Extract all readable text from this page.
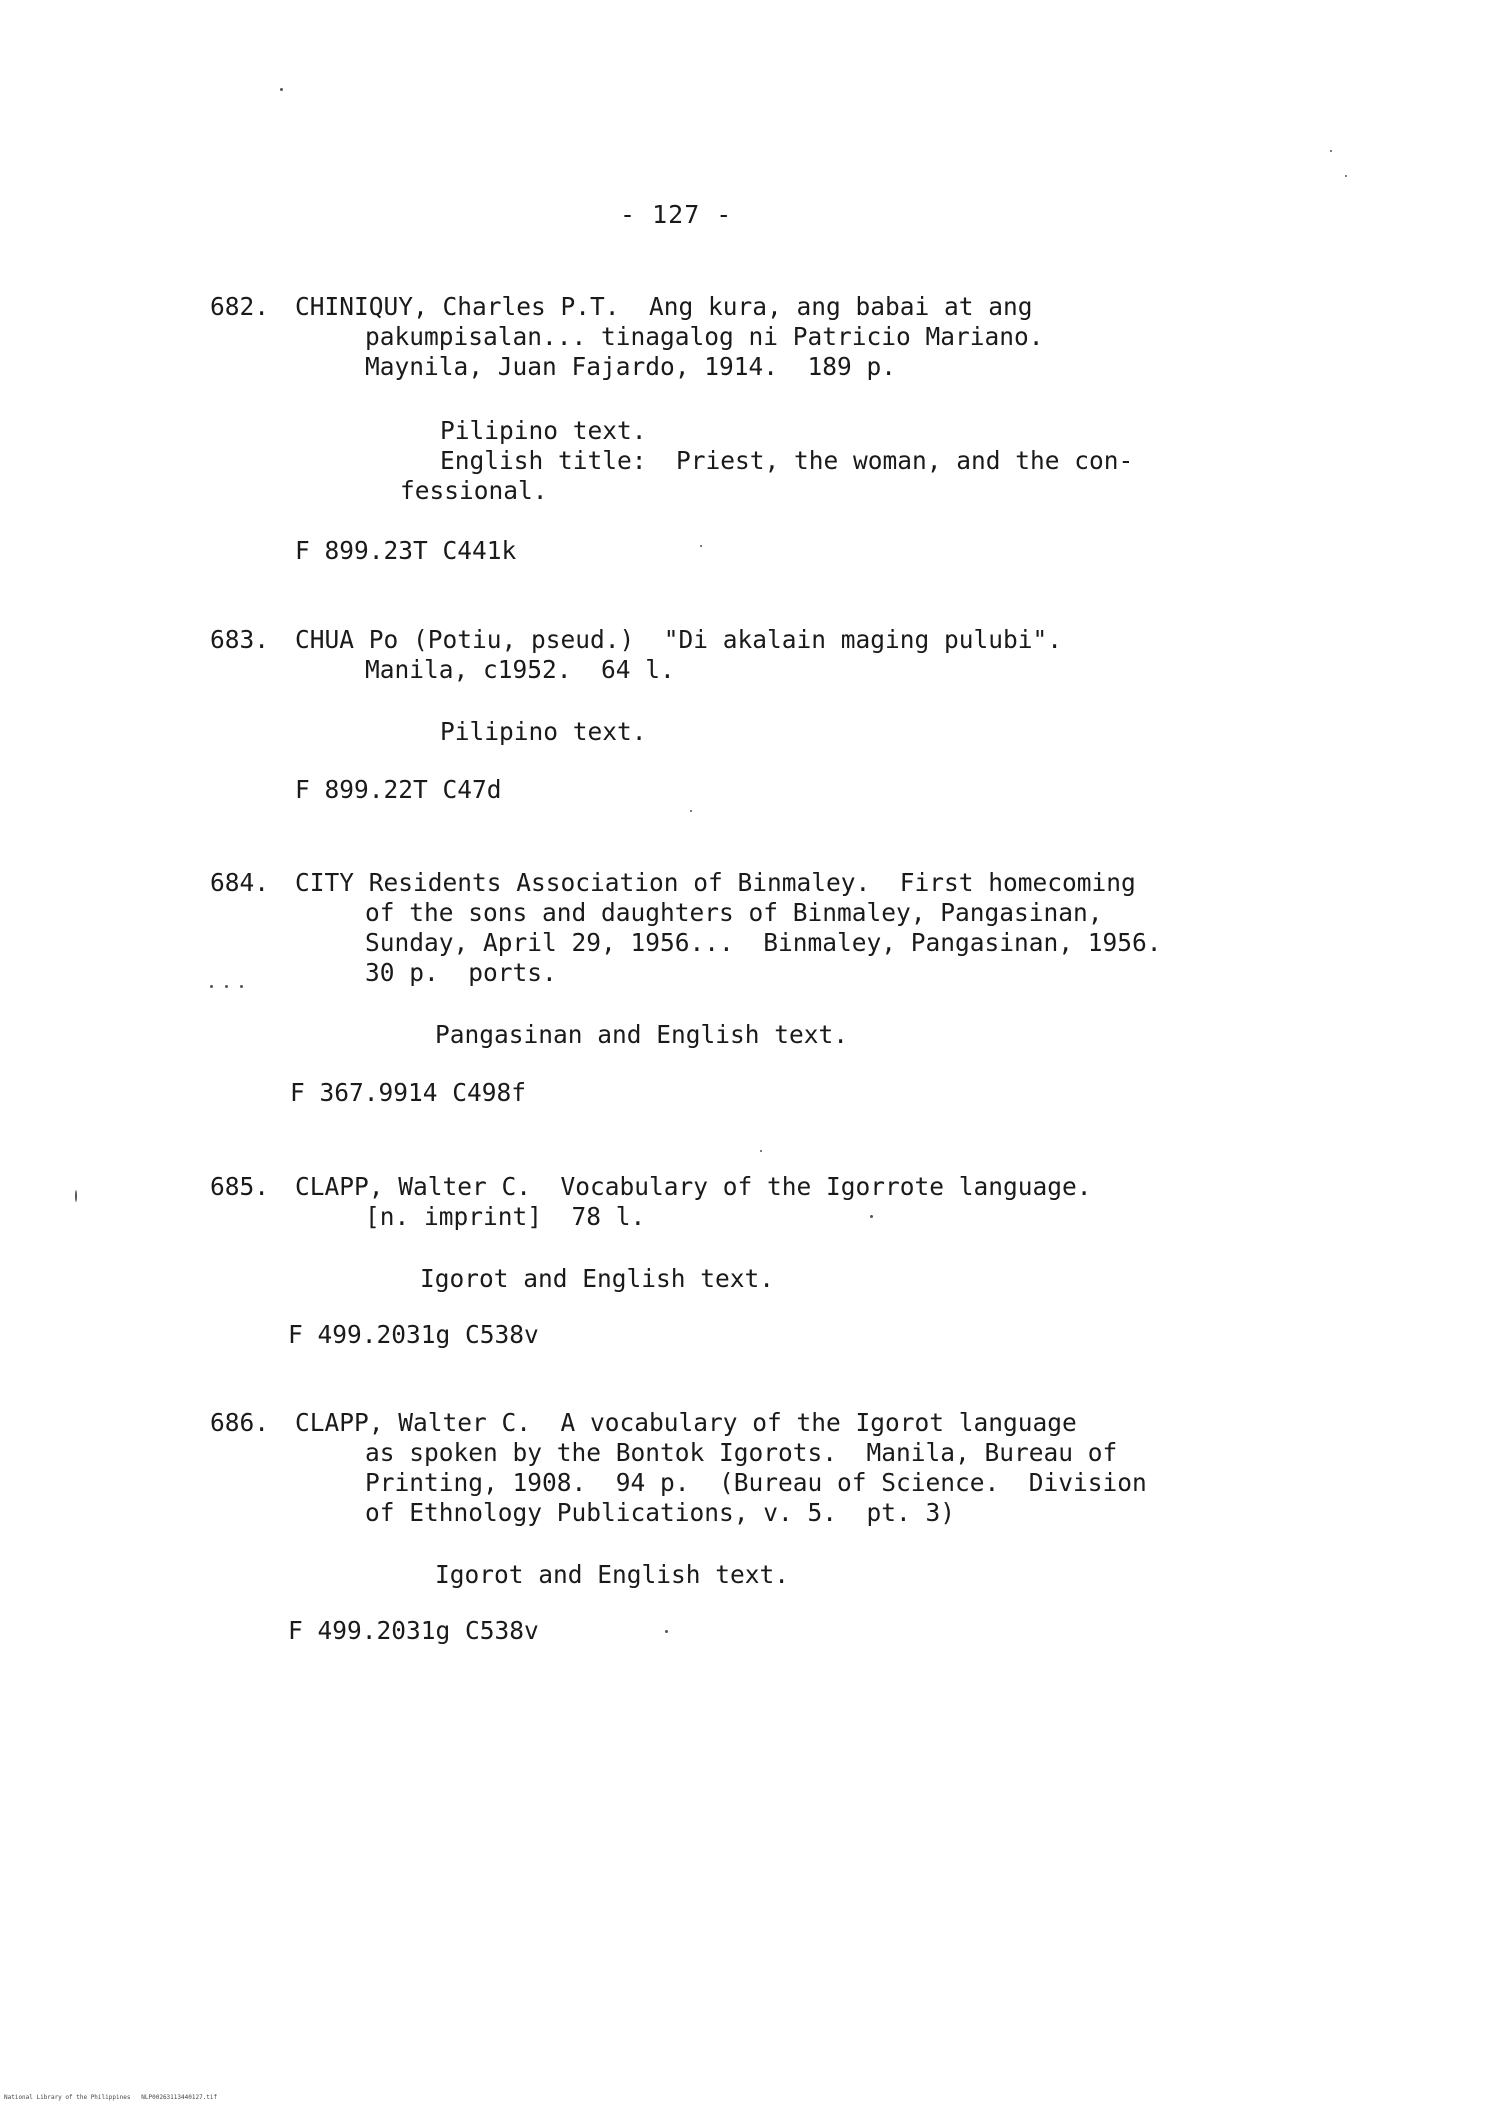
- 127 -
682. CHINIQUY, Charles P.T.  Ang kura, ang babai at ang
pakumpisalan... tinagalog ni Patricio Mariano.
Maynila, Juan Fajardo, 1914.  189 p.
Pilipino text.
English title:  Priest, the woman, and the con-
fessional.
F 899.23T C441k
683. CHUA Po (Potiu, pseud.)  "Di akalain maging pulubi".
Manila, c1952.  64 l.
Pilipino text.
F 899.22T C47d
684. CITY Residents Association of Binmaley.  First homecoming
of the sons and daughters of Binmaley, Pangasinan,
Sunday, April 29, 1956...  Binmaley, Pangasinan, 1956.
30 p.  ports.
Pangasinan and English text.
F 367.9914 C498f
685. CLAPP, Walter C.  Vocabulary of the Igorrote language.
[n. imprint]  78 l.
Igorot and English text.
F 499.2031g C538v
686. CLAPP, Walter C.  A vocabulary of the Igorot language
as spoken by the Bontok Igorots.  Manila, Bureau of
Printing, 1908.  94 p.  (Bureau of Science.  Division
of Ethnology Publications, v. 5.  pt. 3)
Igorot and English text.
F 499.2031g C538v
National Library of the Philippines   NLP00263113440127.tif
